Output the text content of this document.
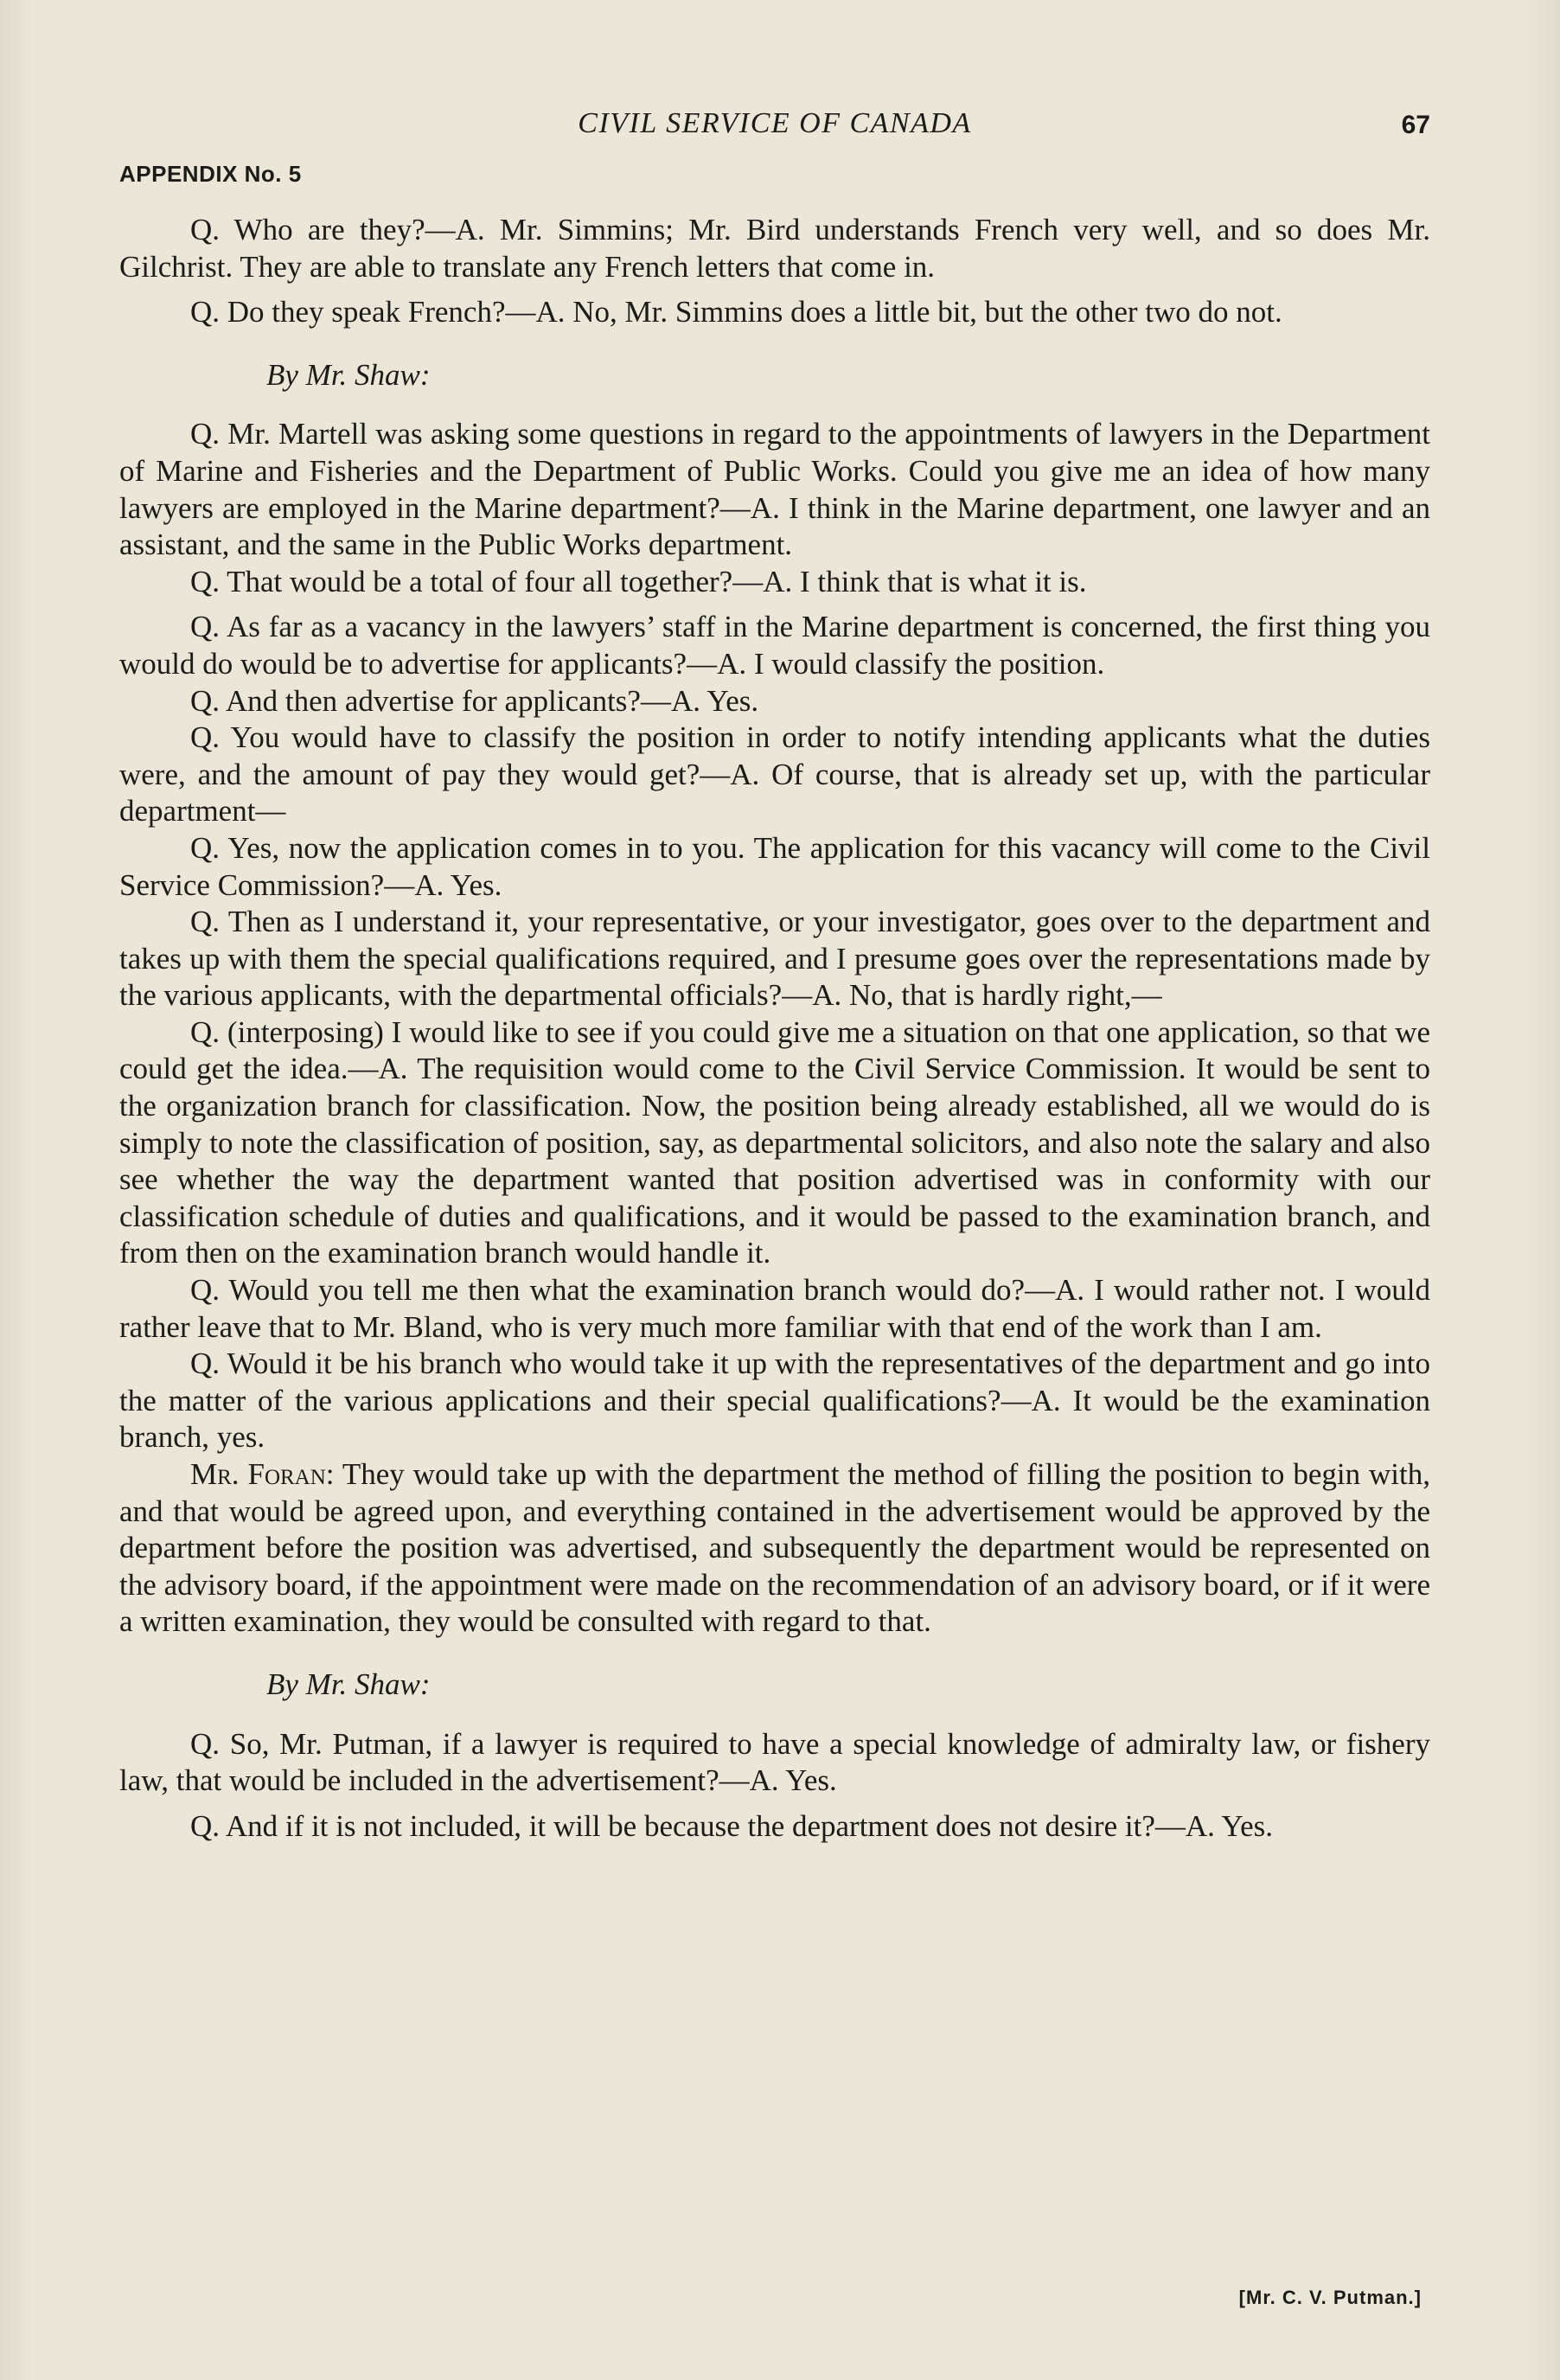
CIVIL SERVICE OF CANADA	67
APPENDIX No. 5

Q. Who are they?—A. Mr. Simmins; Mr. Bird understands French very well, and so does Mr. Gilchrist. They are able to translate any French letters that come in.

Q. Do they speak French?—A. No, Mr. Simmins does a little bit, but the other two do not.

By Mr. Shaw:

Q. Mr. Martell was asking some questions in regard to the appointments of lawyers in the Department of Marine and Fisheries and the Department of Public Works. Could you give me an idea of how many lawyers are employed in the Marine department?—A. I think in the Marine department, one lawyer and an assistant, and the same in the Public Works department.

Q. That would be a total of four all together?—A. I think that is what it is.

Q. As far as a vacancy in the lawyers’ staff in the Marine department is concerned, the first thing you would do would be to advertise for applicants?—A. I would classify the position.

Q. And then advertise for applicants?—A. Yes.

Q. You would have to classify the position in order to notify intending applicants what the duties were, and the amount of pay they would get?—A. Of course, that is already set up, with the particular department—

Q. Yes, now the application comes in to you. The application for this vacancy will come to the Civil Service Commission?—A. Yes.

Q. Then as I understand it, your representative, or your investigator, goes over to the department and takes up with them the special qualifications required, and I presume goes over the representations made by the various applicants, with the departmental officials?—A. No, that is hardly right,—

Q. (interposing) I would like to see if you could give me a situation on that one application, so that we could get the idea.—A. The requisition would come to the Civil Service Commission. It would be sent to the organization branch for classification. Now, the position being already established, all we would do is simply to note the classification of position, say, as departmental solicitors, and also note the salary and also see whether the way the department wanted that position advertised was in conformity with our classification schedule of duties and qualifications, and it would be passed to the examination branch, and from then on the examination branch would handle it.

Q. Would you tell me then what the examination branch would do?—A. I would rather not. I would rather leave that to Mr. Bland, who is very much more familiar with that end of the work than I am.

Q. Would it be his branch who would take it up with the representatives of the department and go into the matter of the various applications and their special qualifications?—A. It would be the examination branch, yes.

Mr. Foran: They would take up with the department the method of filling the position to begin with, and that would be agreed upon, and everything contained in the advertisement would be approved by the department before the position was advertised, and subsequently the department would be represented on the advisory board, if the appointment were made on the recommendation of an advisory board, or if it were a written examination, they would be consulted with regard to that.

By Mr. Shaw:

Q. So, Mr. Putman, if a lawyer is required to have a special knowledge of admiralty law, or fishery law, that would be included in the advertisement?—A. Yes.

Q. And if it is not included, it will be because the department does not desire it?—A. Yes.

[Mr. C. V. Putman.]
